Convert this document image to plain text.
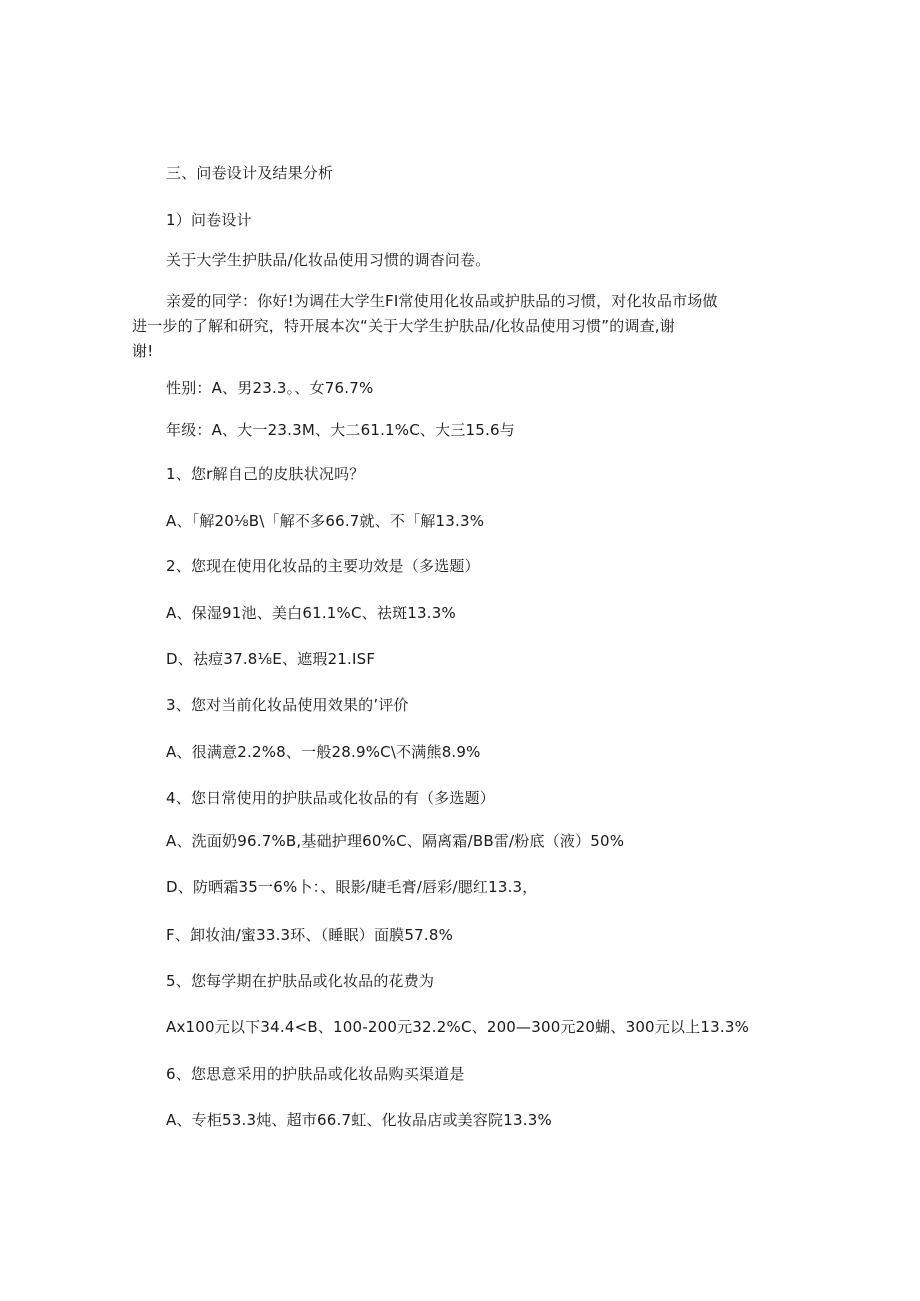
三、问卷设计及结果分析
1）问卷设计
关于大学生护肤品/化妆品使用习惯的调杳问卷。
亲爱的同学：你好!为调茌大学生FI常使用化妆品或护肤品的习惯，对化妆品市场做
进一步的了解和研究，特开展本次“关于大学生护肤品/化妆品使用习惯”的调查,谢
谢!
性别：A、男23.3。、女76.7%
年级：A、大一23.3M、大二61.1%C、大三15.6与
1、您r解自己的皮肤状况吗？
A、「解20⅛B\「解不多66.7就、不「解13.3%
2、您现在使用化妆品的主要功效是（多选题）
A、保湿91池、美白61.1%C、祛斑13.3%
D、祛痘37.8⅛E、遮瑕21.ISF
3、您对当前化妆品使用效果的’评价
A、很满意2.2%8、一般28.9%C\不满熊8.9%
4、您日常使用的护肤品或化妆品的有（多选题）
A、洗面奶96.7%B,基础护理60%C、隔离霜/BB雷/粉底（液）50%
D、防晒霜35一6%卜：、眼影/睫毛膏/唇彩/腮红13.3，
F、卸妆油/蜜33.3环、（睡眠）面膜57.8%
5、您每学期在护肤品或化妆品的花费为
Ax100元以下34.4<B、100-200元32.2%C、200—300元20蝴、300元以上13.3%
6、您思意采用的护肤品或化妆品购买渠道是
A、专柜53.3炖、超市66.7虹、化妆品店或美容院13.3%
